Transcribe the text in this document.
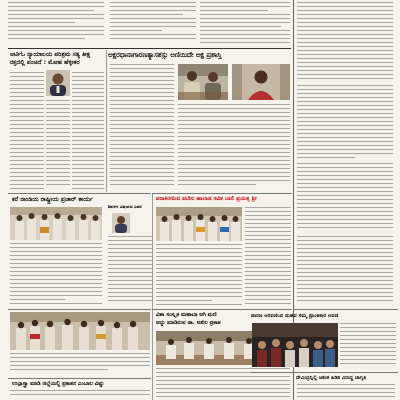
ಆರ್ಟಿಓ ನ್ಯಾಯಾಲಯ ಪರಿಶ್ರಮ ಸತ್ಯ ತೀಕ್ಷ
ರಕ್ತದಲ್ಲಿ ಪಂಚಿದೆ : ಮೋಹ ಹೆಳ್ಳೀಕರ
ಕರೆ ನಾಂಡಿಯ ರಾಷ್ಟ್ರೀಯ ಪ್ರಚಾರ್ ಕಾರ್ಯ
ಶಿಶುಗಳ ವಿಷಯದ ವಿವರ
ಉಲ್ಪಾಸ್ತ್ರಾ ಮಾಡಿ ಜಿಲ್ಲೆಯಲ್ಲಿ ಪ್ರಕಾಶನ ಎಂಬಾಲ ವಿಷ್ಣು
ಅಕ್ಷರಧಾನಾಗಾರಣತ್ಯಾಸಶಸ್ಸು ಅಣಿಯಿದೇ ಅಕ್ಷ ಪ್ರಶಾಸ್ತಿ
ಪರಾಕಿರಣಿಂದ ಮಡಿಲ ಹಾಲಾಡ ಸವಿತ ಬಾಲಿ ಪ್ರಯತ್ನ ಶ್ರೀ
ವಿಶಾ ಸಂಸ್ಕೃತ ಮಹಾಬಾ ಆಗಿ ಮಣಿ
ಅದ್ದು ಮಾಡಿರುವ ಡಾ. ಅಖಿಲ ಪ್ರಕಾಶ
ಪಾರಣ ಅರಿವಣಿಂದ ಮಹವ ಸಮ್ಮ ಪ್ರಾಂತಿಕಾರ ಅವಣಿ
ದೇವಿಂದ್ರನ್ನಿಲ್ಲಿ ಆತಂಕ ಹಿಡಿತ ವಿರುದ್ಧ ಜಾಗೃತಿ
